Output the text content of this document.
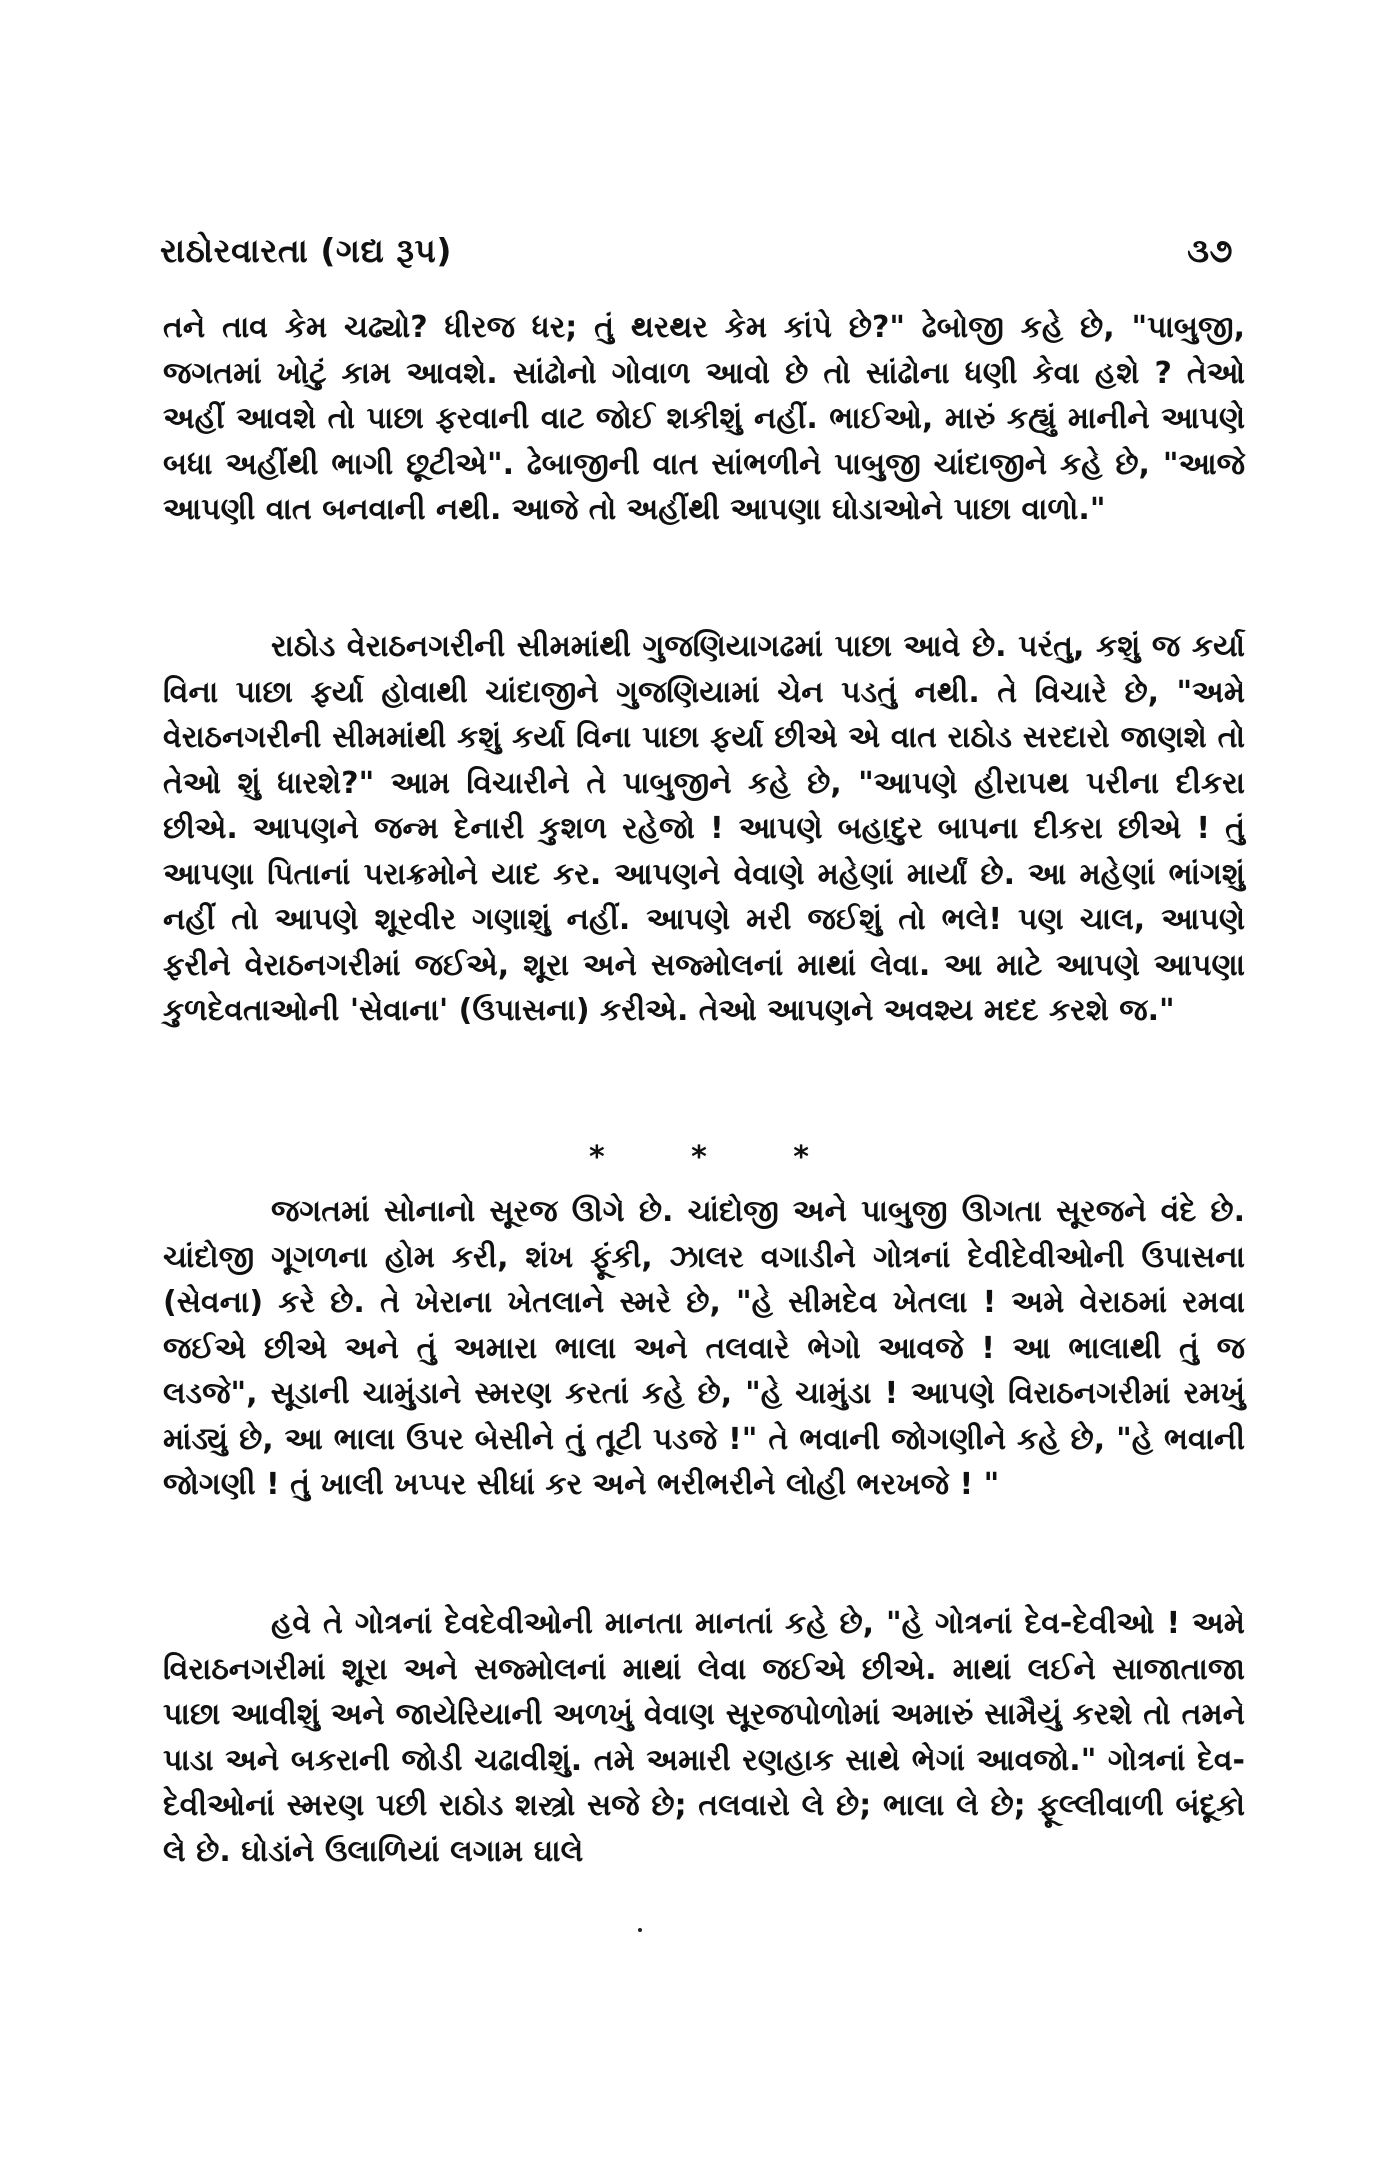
રાઠોરવારતા (ગદ્ય રૂપ)	૩૭

તને તાવ કેમ ચઢ્યો? ધીરજ ધર; તું થરથર કેમ કાંપે છે?" ઢેબોજી કહે છે, "પાબુજી, જગતમાં ખોટું કામ આવશે. સાંઢોનો ગોવાળ આવો છે તો સાંઢોના ધણી કેવા હશે ? તેઓ અહીં આવશે તો પાછા ફરવાની વાટ જોઈ શકીશું નહીં. ભાઈઓ, મારું કહ્યું માનીને આપણે બધા અહીંથી ભાગી છૂટીએ". ઢેબાજીની વાત સાંભળીને પાબુજી ચાંદાજીને કહે છે, "આજે આપણી વાત બનવાની નથી. આજે તો અહીંથી આપણા ઘોડાઓને પાછા વાળો."

રાઠોડ વેરાઠનગરીની સીમમાંથી ગુજણિયાગઢમાં પાછા આવે છે. પરંતુ, કશું જ કર્યા વિના પાછા ફર્યા હોવાથી ચાંદાજીને ગુજણિયામાં ચેન પડતું નથી. તે વિચારે છે, "અમે વેરાઠનગરીની સીમમાંથી કશું કર્યા વિના પાછા ફર્યા છીએ એ વાત રાઠોડ સરદારો જાણશે તો તેઓ શું ધારશે?" આમ વિચારીને તે પાબુજીને કહે છે, "આપણે હીરાપથ પરીના દીકરા છીએ. આપણને જન્મ દેનારી કુશળ રહેજો ! આપણે બહાદુર બાપના દીકરા છીએ ! તું આપણા પિતાનાં પરાક્રમોને યાદ કર. આપણને વેવાણે મહેણાં માર્યાં છે. આ મહેણાં ભાંગશું નહીં તો આપણે શૂરવીર ગણાશું નહીં. આપણે મરી જઈશું તો ભલે! પણ ચાલ, આપણે ફરીને વેરાઠનગરીમાં જઈએ, શૂરા અને સજ્મોલનાં માથાં લેવા. આ માટે આપણે આપણા કુળદેવતાઓની 'સેવાના' (ઉપાસના) કરીએ. તેઓ આપણને અવશ્ય મદદ કરશે જ."

* * *

જગતમાં સોનાનો સૂરજ ઊગે છે. ચાંદોજી અને પાબુજી ઊગતા સૂરજને વંદે છે. ચાંદોજી ગૂગળના હોમ કરી, શંખ ફૂંકી, ઝાલર વગાડીને ગોત્રનાં દેવીદેવીઓની ઉપાસના (સેવના) કરે છે. તે ખેરાના ખેતલાને સ્મરે છે, "હે સીમદેવ ખેતલા ! અમે વેરાઠમાં રમવા જઈએ છીએ અને તું અમારા ભાલા અને તલવારે ભેગો આવજે ! આ ભાલાથી તું જ લડજે", સૂડાની ચામુંડાને સ્મરણ કરતાં કહે છે, "હે ચામુંડા ! આપણે વિરાઠનગરીમાં રમખું માંડ્યું છે, આ ભાલા ઉપર બેસીને તું તૂટી પડજે !" તે ભવાની જોગણીને કહે છે, "હે ભવાની જોગણી ! તું ખાલી ખપ્પર સીધાં કર અને ભરીભરીને લોહી ભરખજે ! "

હવે તે ગોત્રનાં દેવદેવીઓની માનતા માનતાં કહે છે, "હે ગોત્રનાં દેવ-દેવીઓ ! અમે વિરાઠનગરીમાં શૂરા અને સજ્મોલનાં માથાં લેવા જઈએ છીએ. માથાં લઈને સાજાતાજા પાછા આવીશું અને જાયેરિયાની અળખું વેવાણ સૂરજપોળોમાં અમારું સામૈયું કરશે તો તમને પાડા અને બકરાની જોડી ચઢાવીશું. તમે અમારી રણહાક સાથે ભેગાં આવજો." ગોત્રનાં દેવ-દેવીઓનાં સ્મરણ પછી રાઠોડ શસ્ત્રો સજે છે; તલવારો લે છે; ભાલા લે છે; ફૂલ્લીવાળી બંદૂકો લે છે. ઘોડાંને ઉલાળિયાં લગામ ઘાલે
